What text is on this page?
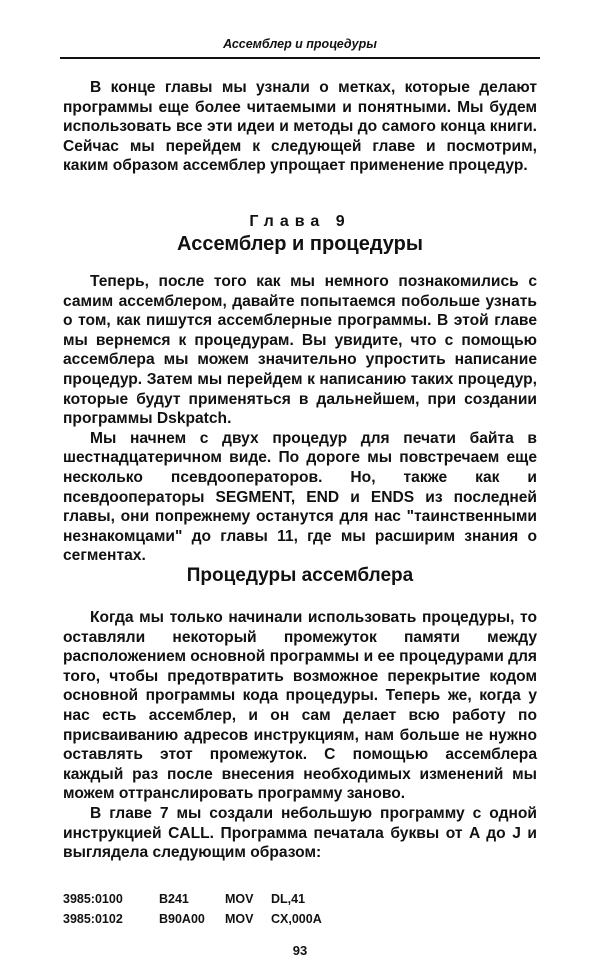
Ассемблер и процедуры

В конце главы мы узнали о метках, которые делают программы еще более читаемыми и понятными. Мы будем использовать все эти идеи и методы до самого конца книги. Сейчас мы перейдем к следующей главе и посмотрим, каким образом ассемблер упрощает применение процедур.

Глава 9
Ассемблер и процедуры

Теперь, после того как мы немного познакомились с самим ассемблером, давайте попытаемся побольше узнать о том, как пишутся ассемблерные программы. В этой главе мы вернемся к процедурам. Вы увидите, что с помощью ассемблера мы можем значительно упростить написание процедур. Затем мы перейдем к написанию таких процедур, которые будут применяться в дальнейшем, при создании программы Dskpatch.

Мы начнем с двух процедур для печати байта в шестнадцатеричном виде. По дороге мы повстречаем еще несколько псевдооператоров. Но, также как и псевдооператоры SEGMENT, END и ENDS из последней главы, они попрежнему останутся для нас "таинственными незнакомцами" до главы 11, где мы расширим знания о сегментах.

Процедуры ассемблера

Когда мы только начинали использовать процедуры, то оставляли некоторый промежуток памяти между расположением основной программы и ее процедурами для того, чтобы предотвратить возможное перекрытие кодом основной программы кода процедуры. Теперь же, когда у нас есть ассемблер, и он сам делает всю работу по присваиванию адресов инструкциям, нам больше не нужно оставлять этот промежуток. С помощью ассемблера каждый раз после внесения необходимых изменений мы можем оттранслировать программу заново.

В главе 7 мы создали небольшую программу с одной инструкцией CALL. Программа печатала буквы от A до J и выглядела следующим образом:

3985:0100	B241	MOV DL,41
3985:0102	B90A00 MOV CX,000A
93
